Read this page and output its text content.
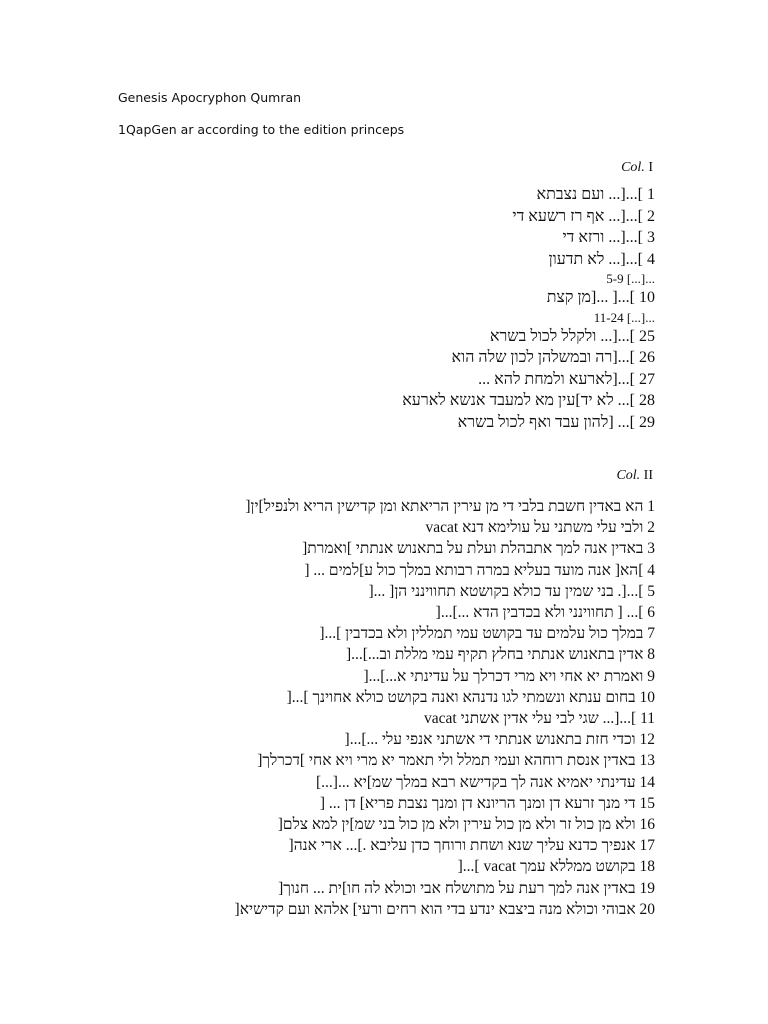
Genesis Apocryphon Qumran
1QapGen ar according to the edition princeps
Col. I
1 ]...[... ועם נצבתא
2 ]...[... אף רז רשעא די
3 ]...[... ורזא די
4 ]...[... לא תדעון
5-9 [...]...
10 ]...[ ...[מן קצת
11-24 [...]...
25 ]...[... ולקלל לכול בשרא
26 ]...[רה ובמשלהן לכון שלה הוא
27 ]...[לארעא ולמחת להא ...
28 ]... לא יד]עין מא למעבד אנשא לארעא
29 ]... [להון עבד ואף לכול בשרא
Col. II
1 הא באדין חשבת בלבי די מן עירין הריאתא ומן קדישין הריא ולנפיל]ין[
2 ולבי עלי משתני על עולימא דנא vacat
3 באדין אנה למך אתבהלת ועלת על בתאנוש אנתתי ]ואמרת[
4 ]הא[ אנה מועד בעליא במרה רבותא במלך כול ע]למים ... [
5 ]...[. בני שמין עד כולא בקושטא תחווינני הן[ ...[
6 ]... [ תחווינני ולא בכדבין הדא ...]...[
7 במלך כול עלמים עד בקושט עמי תמללין ולא בכדבין ]...[
8 אדין בתאנוש אנתתי בחלץ תקיף עמי מללת וב...]...[
9 ואמרת יא אחי ויא מרי דכרלך על עדינתי א...]...[
10 בחום ענתא ונשמתי לגו נדנהא ואנה בקושט כולא אחוינך ]...[
11 ]...[... שגי לבי עלי אדין אשתני vacat
12 וכדי חזת בתאנוש אנתתי די אשתני אנפי עלי ...]...[
13 באדין אנסת רוחהא ועמי תמלל ולי תאמר יא מרי ויא אחי ]דכרלך[
14 עדינתי יאמיא אנה לך בקדישא רבא במלך שמ]יא ...[...]
15 די מנך זרעא דן ומנך הריונא דן ומנך נצבת פריא] דן ... [
16 ולא מן כול זר ולא מן כול עירין ולא מן כול בני שמ]ין למא צלם[
17 אנפיך כדנא עליך שנא ושחת ורוחך כדן עליבא .]... ארי אנה[
18 בקושט ממללא עמך vacat ]...[
19 באדין אנה למך רעת על מתושלח אבי וכולא לה חו]ית ... חנוך[
20 אבוהי וכולא מנה ביצבא ינדע בדי הוא רחים ורעי] אלהא ועם קדישיא[
